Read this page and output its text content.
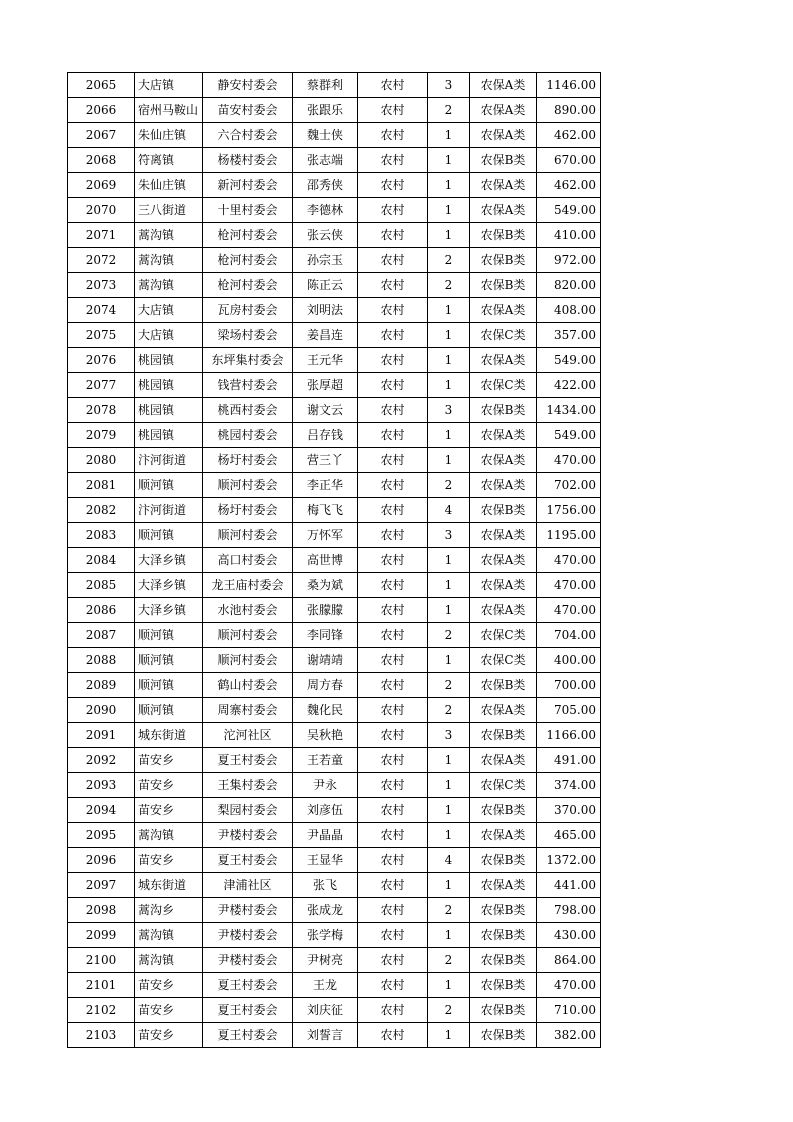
2065	大店镇	静安村委会	蔡群利	农村	3	农保A类	1146.00
2066	宿州马鞍山	苗安村委会	张跟乐	农村	2	农保A类	890.00
2067	朱仙庄镇	六合村委会	魏士侠	农村	1	农保A类	462.00
2068	符离镇	杨楼村委会	张志端	农村	1	农保B类	670.00
2069	朱仙庄镇	新河村委会	邵秀侠	农村	1	农保A类	462.00
2070	三八街道	十里村委会	李德林	农村	1	农保A类	549.00
2071	蒿沟镇	枪河村委会	张云侠	农村	1	农保B类	410.00
2072	蒿沟镇	枪河村委会	孙宗玉	农村	2	农保B类	972.00
2073	蒿沟镇	枪河村委会	陈正云	农村	2	农保B类	820.00
2074	大店镇	瓦房村委会	刘明法	农村	1	农保A类	408.00
2075	大店镇	梁场村委会	姜昌连	农村	1	农保C类	357.00
2076	桃园镇	东坪集村委会	王元华	农村	1	农保A类	549.00
2077	桃园镇	钱营村委会	张厚超	农村	1	农保C类	422.00
2078	桃园镇	桃西村委会	谢文云	农村	3	农保B类	1434.00
2079	桃园镇	桃园村委会	吕存钱	农村	1	农保A类	549.00
2080	汴河街道	杨圩村委会	营三丫	农村	1	农保A类	470.00
2081	顺河镇	顺河村委会	李正华	农村	2	农保A类	702.00
2082	汴河街道	杨圩村委会	梅飞飞	农村	4	农保B类	1756.00
2083	顺河镇	顺河村委会	万怀军	农村	3	农保A类	1195.00
2084	大泽乡镇	高口村委会	高世博	农村	1	农保A类	470.00
2085	大泽乡镇	龙王庙村委会	桑为斌	农村	1	农保A类	470.00
2086	大泽乡镇	水池村委会	张朦朦	农村	1	农保A类	470.00
2087	顺河镇	顺河村委会	李同锋	农村	2	农保C类	704.00
2088	顺河镇	顺河村委会	谢靖靖	农村	1	农保C类	400.00
2089	顺河镇	鹤山村委会	周方春	农村	2	农保B类	700.00
2090	顺河镇	周寨村委会	魏化民	农村	2	农保A类	705.00
2091	城东街道	沱河社区	吴秋艳	农村	3	农保B类	1166.00
2092	苗安乡	夏王村委会	王若童	农村	1	农保A类	491.00
2093	苗安乡	王集村委会	尹永	农村	1	农保C类	374.00
2094	苗安乡	梨园村委会	刘彦伍	农村	1	农保B类	370.00
2095	蒿沟镇	尹楼村委会	尹晶晶	农村	1	农保A类	465.00
2096	苗安乡	夏王村委会	王显华	农村	4	农保B类	1372.00
2097	城东街道	津浦社区	张飞	农村	1	农保A类	441.00
2098	蒿沟乡	尹楼村委会	张成龙	农村	2	农保B类	798.00
2099	蒿沟镇	尹楼村委会	张学梅	农村	1	农保B类	430.00
2100	蒿沟镇	尹楼村委会	尹树亮	农村	2	农保B类	864.00
2101	苗安乡	夏王村委会	王龙	农村	1	农保B类	470.00
2102	苗安乡	夏王村委会	刘庆征	农村	2	农保B类	710.00
2103	苗安乡	夏王村委会	刘誓言	农村	1	农保B类	382.00
